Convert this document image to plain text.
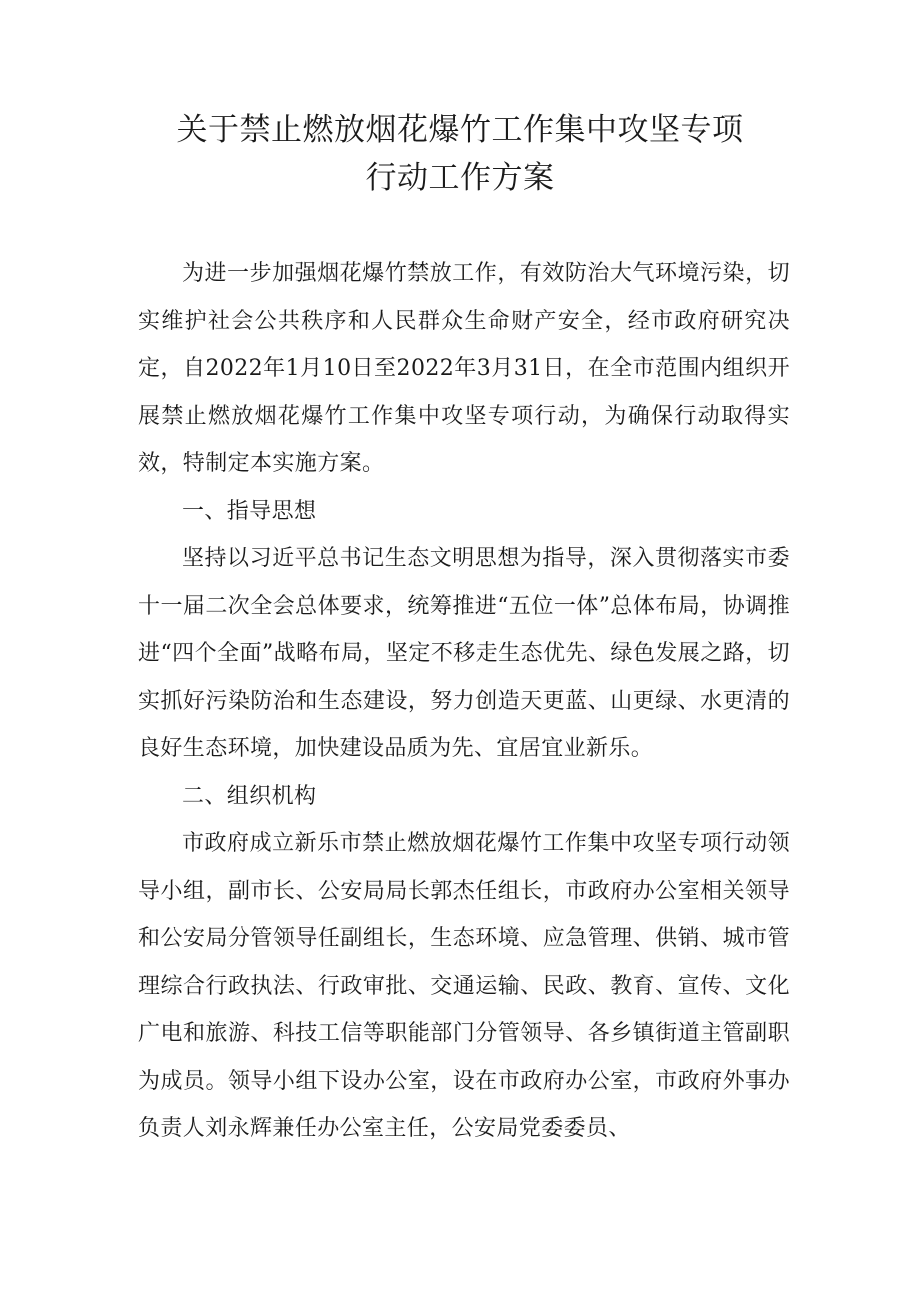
关于禁止燃放烟花爆竹工作集中攻坚专项
行动工作方案

为进一步加强烟花爆竹禁放工作，有效防治大气环境污染，切实维护社会公共秩序和人民群众生命财产安全，经市政府研究决定，自2022年1月10日至2022年3月31日，在全市范围内组织开展禁止燃放烟花爆竹工作集中攻坚专项行动，为确保行动取得实效，特制定本实施方案。

一、指导思想

坚持以习近平总书记生态文明思想为指导，深入贯彻落实市委十一届二次全会总体要求，统筹推进“五位一体”总体布局，协调推进“四个全面”战略布局，坚定不移走生态优先、绿色发展之路，切实抓好污染防治和生态建设，努力创造天更蓝、山更绿、水更清的良好生态环境，加快建设品质为先、宜居宜业新乐。

二、组织机构

市政府成立新乐市禁止燃放烟花爆竹工作集中攻坚专项行动领导小组，副市长、公安局局长郭杰任组长，市政府办公室相关领导和公安局分管领导任副组长，生态环境、应急管理、供销、城市管理综合行政执法、行政审批、交通运输、民政、教育、宣传、文化广电和旅游、科技工信等职能部门分管领导、各乡镇街道主管副职为成员。领导小组下设办公室，设在市政府办公室，市政府外事办负责人刘永辉兼任办公室主任，公安局党委委员、
